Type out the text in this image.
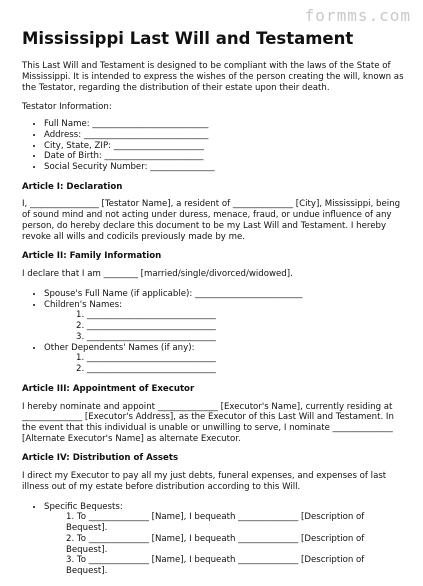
formms.com
Mississippi Last Will and Testament

This Last Will and Testament is designed to be compliant with the laws of the State of Mississippi. It is intended to express the wishes of the person creating the will, known as the Testator, regarding the distribution of their estate upon their death.

Testator Information:

• Full Name: ___________________________
• Address: _____________________________
• City, State, ZIP: _____________________
• Date of Birth: _______________________
• Social Security Number: _______________
Article I: Declaration

I, ________________ [Testator Name], a resident of ______________ [City], Mississippi, being of sound mind and not acting under duress, menace, fraud, or undue influence of any person, do hereby declare this document to be my Last Will and Testament. I hereby revoke all wills and codicils previously made by me.

Article II: Family Information

I declare that I am ________ [married/single/divorced/widowed].

• Spouse's Full Name (if applicable): _________________________
• Children's Names:
1. ______________________________
2. ______________________________
3. ______________________________
• Other Dependents' Names (if any):
1. ______________________________
2. ______________________________
Article III: Appointment of Executor

I hereby nominate and appoint ______________ [Executor's Name], currently residing at ______________ [Executor's Address], as the Executor of this Last Will and Testament. In the event that this individual is unable or unwilling to serve, I nominate ______________ [Alternate Executor's Name] as alternate Executor.

Article IV: Distribution of Assets

I direct my Executor to pay all my just debts, funeral expenses, and expenses of last illness out of my estate before distribution according to this Will.

• Specific Bequests:
1. To ______________ [Name], I bequeath ______________ [Description of Bequest].
2. To ______________ [Name], I bequeath ______________ [Description of Bequest].
3. To ______________ [Name], I bequeath ______________ [Description of Bequest].
